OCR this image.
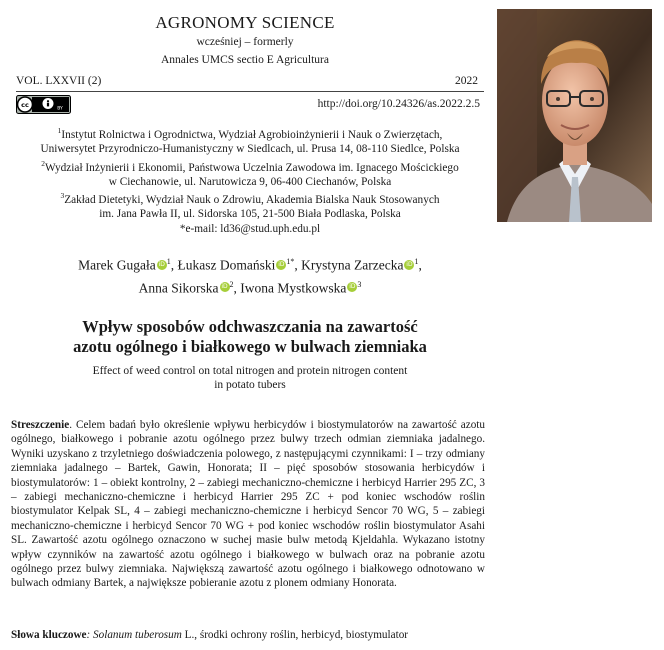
AGRONOMY SCIENCE
wcześniej – formerly
Annales UMCS sectio E Agricultura
VOL. LXXVII (2)	2022
cc	BY	http://doi.org/10.24326/as.2022.2.5
$^1$Instytut Rolnictwa i Ogrodnictwa, Wydział Agrobioinżynierii i Nauk o Zwierzętach,
Uniwersytet Przyrodniczo-Humanistyczny w Siedlcach, ul. Prusa 14, 08-110 Siedlce, Polska
$^2$Wydział Inżynierii i Ekonomii, Państwowa Uczelnia Zawodowa im. Ignacego Mościckiego
w Ciechanowie, ul. Narutowicza 9, 06-400 Ciechanów, Polska
$^3$Zakład Dietetyki, Wydział Nauk o Zdrowiu, Akademia Bialska Nauk Stosowanych
im. Jana Pawła II, ul. Sidorska 105, 21-500 Biała Podlaska, Polska
*e-mail: ld36@stud.uph.edu.pl
Marek Gugała iD $^1$, Łukasz Domański iD $^{1*}$, Krystyna Zarzecka iD $^1$,
Anna Sikorska iD $^2$, Iwona Mystkowska iD $^3$
Wpływ sposobów odchwaszczania na zawartość
azotu ogólnego i białkowego w bulwach ziemniaka
Effect of weed control on total nitrogen and protein nitrogen content
in potato tubers
Streszczenie. Celem badań było określenie wpływu herbicydów i biostymulatorów na zawartość azotu ogólnego, białkowego i pobranie azotu ogólnego przez bulwy trzech odmian ziemniaka jadalnego. Wyniki uzyskano z trzyletniego doświadczenia polowego, z następującymi czynnikami: I – trzy odmiany ziemniaka jadalnego – Bartek, Gawin, Honorata; II – pięć sposobów stosowania herbicydów i biostymulatorów: 1 – obiekt kontrolny, 2 – zabiegi mechaniczno-chemiczne i herbicyd Harrier 295 ZC, 3 – zabiegi mechaniczno-chemiczne i herbicyd Harrier 295 ZC + pod koniec wschodów roślin biostymulator Kelpak SL, 4 – zabiegi mechaniczno-chemiczne i herbicyd Sencor 70 WG, 5 – zabiegi mechaniczno-chemiczne i herbicyd Sencor 70 WG + pod koniec wschodów roślin biostymulator Asahi SL. Zawartość azotu ogólnego oznaczono w suchej masie bulw metodą Kjeldahla. Wykazano istotny wpływ czynników na zawartość azotu ogólnego i białkowego w bulwach oraz na pobranie azotu ogólnego przez bulwy ziemniaka. Największą zawartość azotu ogólnego i białkowego odnotowano w bulwach odmiany Bartek, a największe pobieranie azotu z plonem odmiany Honorata.
Słowa kluczowe: Solanum tuberosum L., środki ochrony roślin, herbicyd, biostymulator
